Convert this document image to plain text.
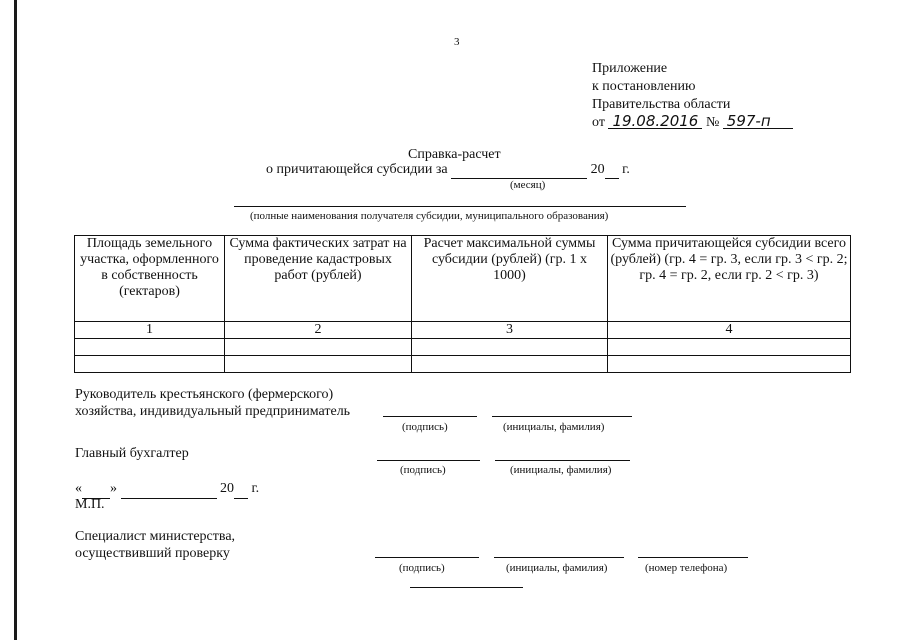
3
Приложение
к постановлению
Правительства области
от 19.08.2016 № 597-п
Справка-расчет
о причитающейся субсидии за	20 г.
(месяц)
(полные наименования получателя субсидии, муниципального образования)
Площадь земельного участка, оформленного в собственность (гектаров)	Сумма фактических затрат на проведение кадастровых работ (рублей)	Расчет максимальной суммы субсидии (рублей) (гр. 1 х 1000)	Сумма причитающейся субсидии всего (рублей) (гр. 4 = гр. 3, если гр. 3 < гр. 2; гр. 4 = гр. 2, если гр. 2 < гр. 3)
1	2	3	4

Руководитель крестьянского (фермерского)
хозяйства, индивидуальный предприниматель
(подпись)	(инициалы, фамилия)
Главный бухгалтер
(подпись)	(инициалы, фамилия)
« »	20 г.
М.П.
Специалист министерства,
осуществивший проверку
(подпись)	(инициалы, фамилия)	(номер телефона)
